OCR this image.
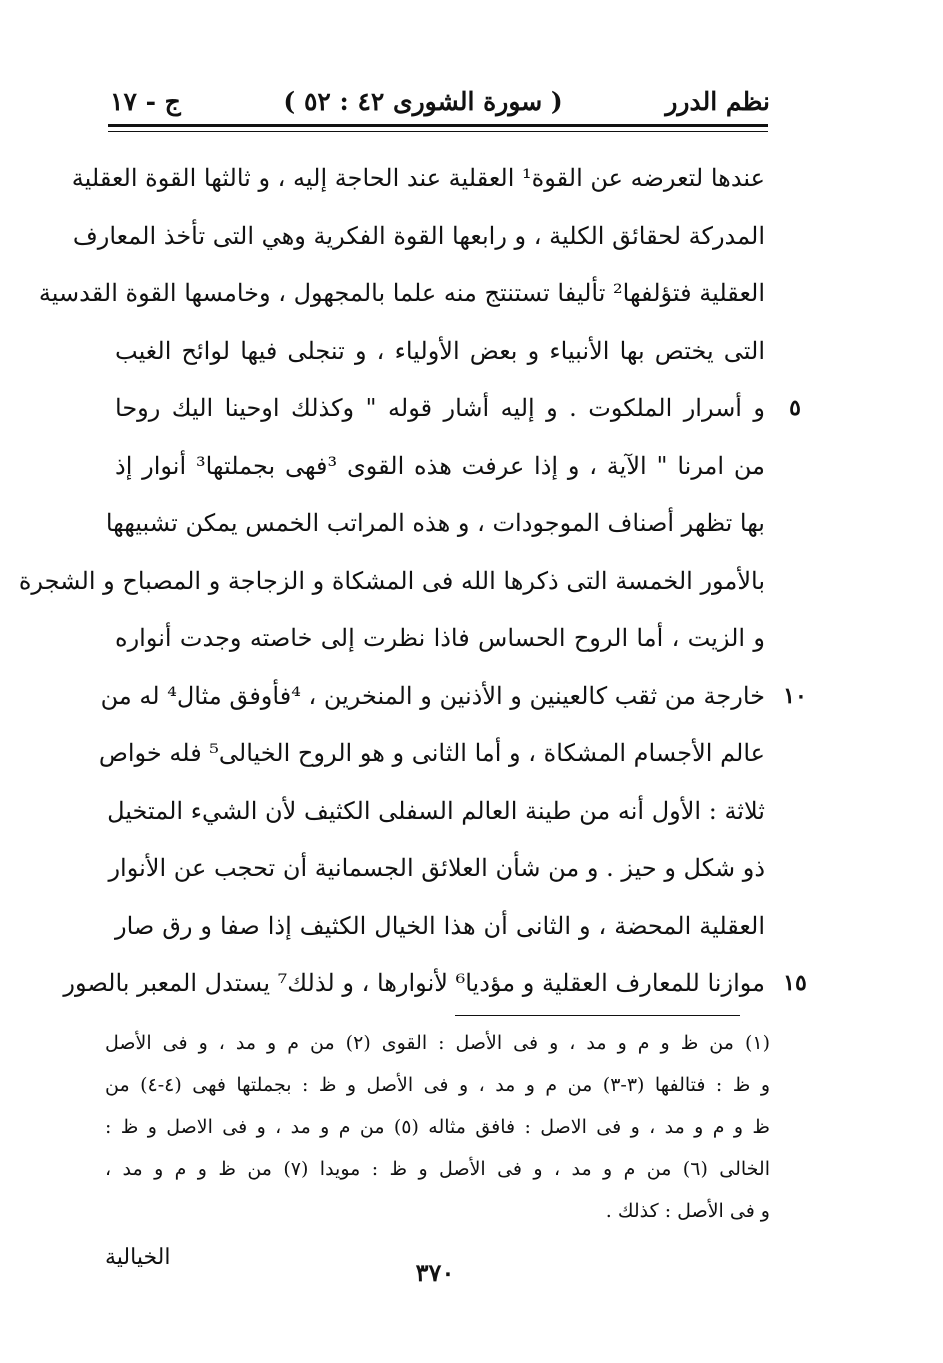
نظم الدرر
( سورة الشورى ٤٢ : ٥٢ )
ج - ١٧
عندها لتعرضه عن القوة¹ العقلية عند الحاجة إليه ، و ثالثها القوة العقلية
المدركة لحقائق الكلية ، و رابعها القوة الفكرية وهي التى تأخذ المعارف
العقلية فتؤلفها² تأليفا تستنتج منه علما بالمجهول ، وخامسها القوة القدسية
التى يختص بها الأنبياء و بعض الأولياء ، و تنجلى فيها لوائح الغيب
٥
و أسرار الملكوت . و إليه أشار قوله " وكذلك اوحينا اليك روحا
من امرنا " الآية ، و إذا عرفت هذه القوى ³فهى بجملتها³ أنوار إذ
بها تظهر أصناف الموجودات ، و هذه المراتب الخمس يمكن تشبيهها
بالأمور الخمسة التى ذكرها الله فى المشكاة و الزجاجة و المصباح و الشجرة
و الزيت ، أما الروح الحساس فاذا نظرت إلى خاصته وجدت أنواره
١٠
خارجة من ثقب كالعينين و الأذنين و المنخرين ، ⁴فأوفق مثال⁴ له من
عالم الأجسام المشكاة ، و أما الثانى و هو الروح الخيالى⁵ فله خواص
ثلاثة : الأول أنه من طينة العالم السفلى الكثيف لأن الشيء المتخيل
ذو شكل و حيز . و من شأن العلائق الجسمانية أن تحجب عن الأنوار
العقلية المحضة ، و الثانى أن هذا الخيال الكثيف إذا صفا و رق صار
١٥
موازنا للمعارف العقلية و مؤديا⁶ لأنوارها ، و لذلك⁷ يستدل المعبر بالصور
(١) من ظ و م و مد ، و فى الأصل : القوى (٢) من م و مد ، و فى الأصل
و ظ : فتالفها (٣-٣) من م و مد ، و فى الأصل و ظ : بجملتها فهى (٤-٤) من
ظ و م و مد ، و فى الاصل : فافق مثاله (٥) من م و مد ، و فى الاصل و ظ :
الخالى (٦) من م و مد ، و فى الأصل و ظ : مويدا (٧) من ظ و م و مد ،
و فى الأصل : كذلك .
الخيالية
٣٧٠
